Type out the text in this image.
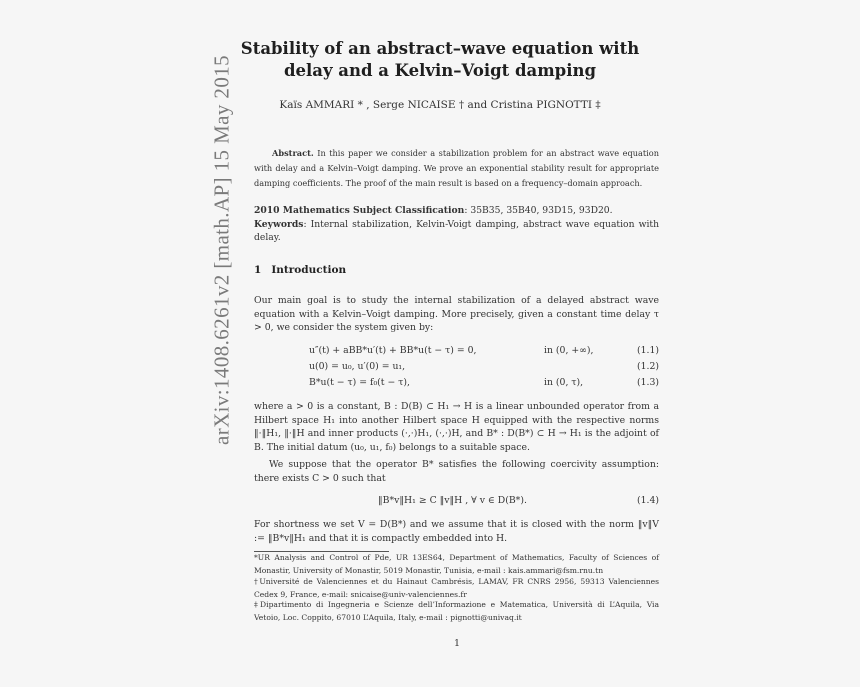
arXiv:1408.6261v2 [math.AP] 15 May 2015
Stability of an abstract–wave equation with delay and a Kelvin–Voigt damping
Kaïs AMMARI * , Serge NICAISE † and Cristina PIGNOTTI ‡
Abstract. In this paper we consider a stabilization problem for an abstract wave equation with delay and a Kelvin–Voigt damping. We prove an exponential stability result for appropriate damping coefficients. The proof of the main result is based on a frequency–domain approach.
2010 Mathematics Subject Classification: 35B35, 35B40, 93D15, 93D20.
Keywords: Internal stabilization, Kelvin-Voigt damping, abstract wave equation with delay.
1 Introduction
Our main goal is to study the internal stabilization of a delayed abstract wave equation with a Kelvin–Voigt damping. More precisely, given a constant time delay τ > 0, we consider the system given by:
u″(t) + aBB*u′(t) + BB*u(t − τ) = 0,	in (0, +∞),	(1.1)
u(0) = u₀, u′(0) = u₁,	(1.2)
B*u(t − τ) = f₀(t − τ),	in (0, τ),	(1.3)
where a > 0 is a constant, B : D(B) ⊂ H₁ → H is a linear unbounded operator from a Hilbert space H₁ into another Hilbert space H equipped with the respective norms ‖·‖H₁, ‖·‖H and inner products (·,·)H₁, (·,·)H, and B* : D(B*) ⊂ H → H₁ is the adjoint of B. The initial datum (u₀, u₁, f₀) belongs to a suitable space.
We suppose that the operator B* satisfies the following coercivity assumption: there exists C > 0 such that
‖B*v‖H₁ ≥ C ‖v‖H , ∀ v ∈ D(B*).	(1.4)
For shortness we set V = D(B*) and we assume that it is closed with the norm ‖v‖V := ‖B*v‖H₁ and that it is compactly embedded into H.
*UR Analysis and Control of Pde, UR 13ES64, Department of Mathematics, Faculty of Sciences of Monastir, University of Monastir, 5019 Monastir, Tunisia, e-mail : kais.ammari@fsm.rnu.tn
†Université de Valenciennes et du Hainaut Cambrésis, LAMAV, FR CNRS 2956, 59313 Valenciennes Cedex 9, France, e-mail: snicaise@univ-valenciennes.fr
‡Dipartimento di Ingegneria e Scienze dell’Informazione e Matematica, Università di L’Aquila, Via Vetoio, Loc. Coppito, 67010 L’Aquila, Italy, e-mail : pignotti@univaq.it
1
